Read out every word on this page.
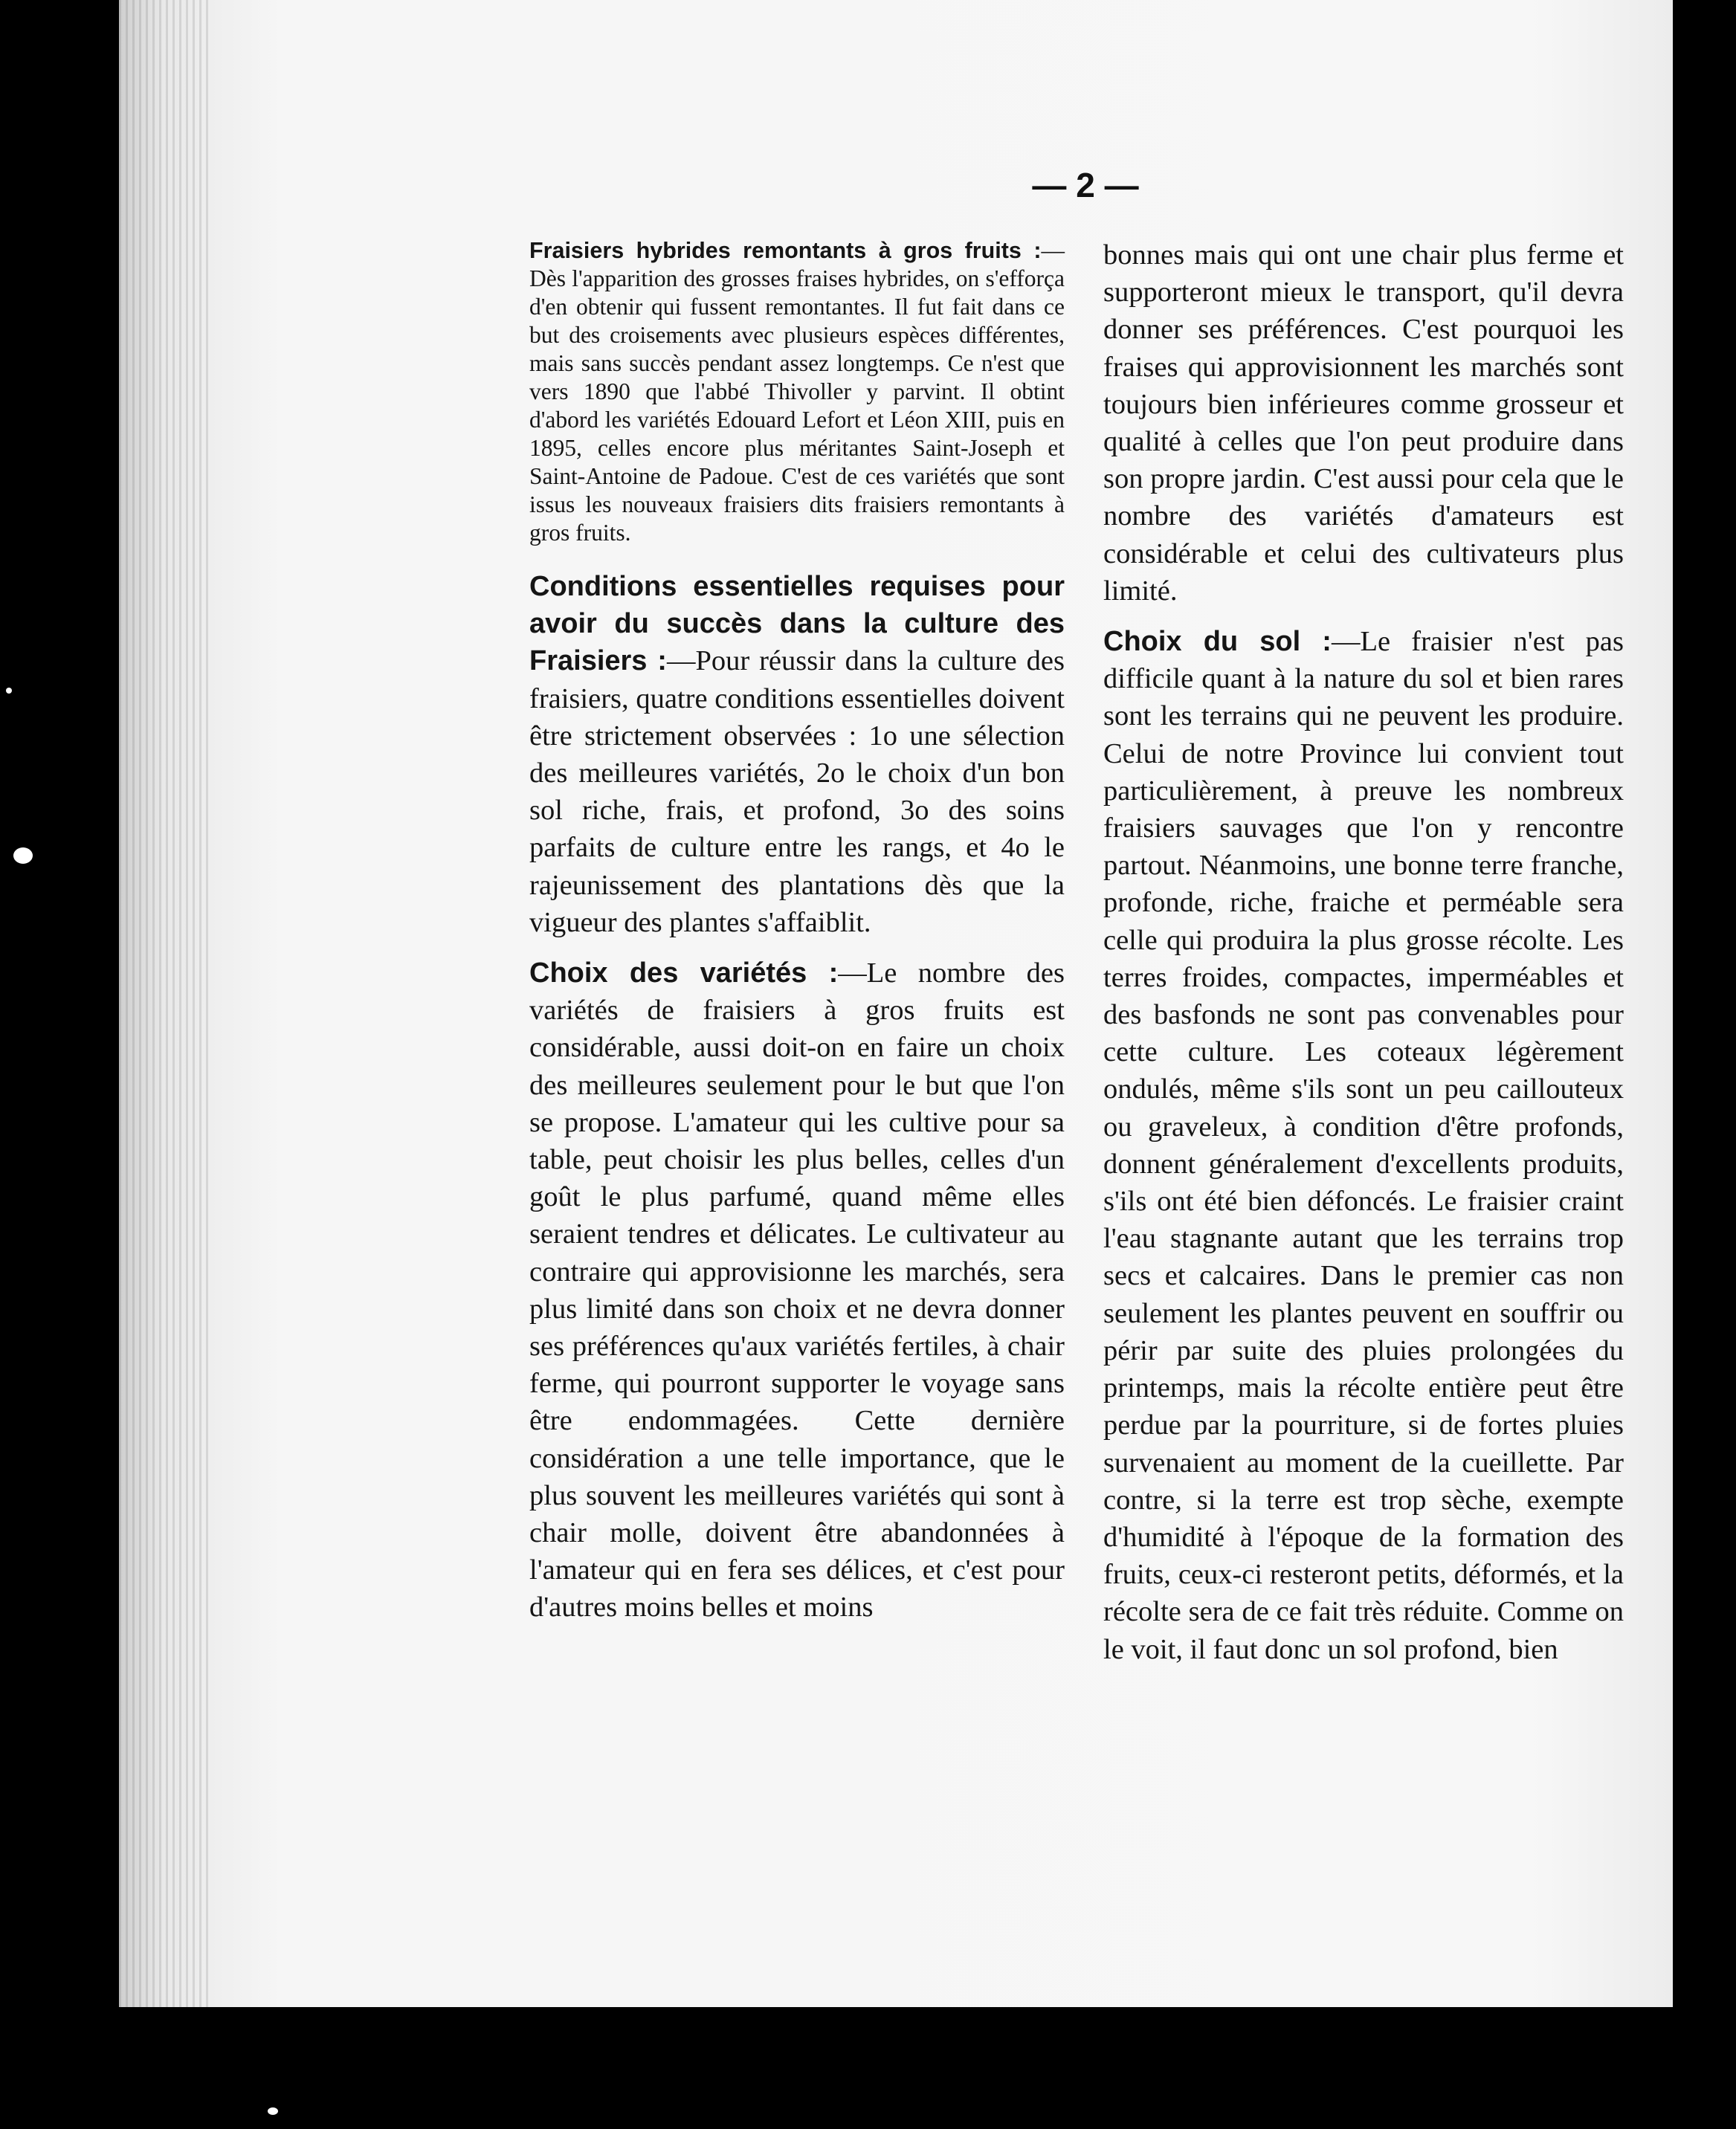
— 2 —

Fraisiers hybrides remontants à gros fruits :—Dès l'apparition des grosses fraises hybrides, on s'efforça d'en obtenir qui fussent remontantes. Il fut fait dans ce but des croisements avec plusieurs espèces différentes, mais sans succès pendant assez longtemps. Ce n'est que vers 1890 que l'abbé Thivoller y parvint. Il obtint d'abord les variétés Edouard Lefort et Léon XIII, puis en 1895, celles encore plus méritantes Saint-Joseph et Saint-Antoine de Padoue. C'est de ces variétés que sont issus les nouveaux fraisiers dits fraisiers remontants à gros fruits.

Conditions essentielles requises pour avoir du succès dans la culture des Fraisiers :—Pour réussir dans la culture des fraisiers, quatre conditions essentielles doivent être strictement observées : 1o une sélection des meilleures variétés, 2o le choix d'un bon sol riche, frais, et profond, 3o des soins parfaits de culture entre les rangs, et 4o le rajeunissement des plantations dès que la vigueur des plantes s'affaiblit.

Choix des variétés :—Le nombre des variétés de fraisiers à gros fruits est considérable, aussi doit-on en faire un choix des meilleures seulement pour le but que l'on se propose. L'amateur qui les cultive pour sa table, peut choisir les plus belles, celles d'un goût le plus parfumé, quand même elles seraient tendres et délicates. Le cultivateur au contraire qui approvisionne les marchés, sera plus limité dans son choix et ne devra donner ses préférences qu'aux variétés fertiles, à chair ferme, qui pourront supporter le voyage sans être endommagées. Cette dernière considération a une telle importance, que le plus souvent les meilleures variétés qui sont à chair molle, doivent être abandonnées à l'amateur qui en fera ses délices, et c'est pour d'autres moins belles et moins

bonnes mais qui ont une chair plus ferme et supporteront mieux le transport, qu'il devra donner ses préférences. C'est pourquoi les fraises qui approvisionnent les marchés sont toujours bien inférieures comme grosseur et qualité à celles que l'on peut produire dans son propre jardin. C'est aussi pour cela que le nombre des variétés d'amateurs est considérable et celui des cultivateurs plus limité.

Choix du sol :—Le fraisier n'est pas difficile quant à la nature du sol et bien rares sont les terrains qui ne peuvent les produire. Celui de notre Province lui convient tout particulièrement, à preuve les nombreux fraisiers sauvages que l'on y rencontre partout. Néanmoins, une bonne terre franche, profonde, riche, fraiche et perméable sera celle qui produira la plus grosse récolte. Les terres froides, compactes, imperméables et des basfonds ne sont pas convenables pour cette culture. Les coteaux légèrement ondulés, même s'ils sont un peu caillouteux ou graveleux, à condition d'être profonds, donnent généralement d'excellents produits, s'ils ont été bien défoncés. Le fraisier craint l'eau stagnante autant que les terrains trop secs et calcaires. Dans le premier cas non seulement les plantes peuvent en souffrir ou périr par suite des pluies prolongées du printemps, mais la récolte entière peut être perdue par la pourriture, si de fortes pluies survenaient au moment de la cueillette. Par contre, si la terre est trop sèche, exempte d'humidité à l'époque de la formation des fruits, ceux-ci resteront petits, déformés, et la récolte sera de ce fait très réduite. Comme on le voit, il faut donc un sol profond, bien
